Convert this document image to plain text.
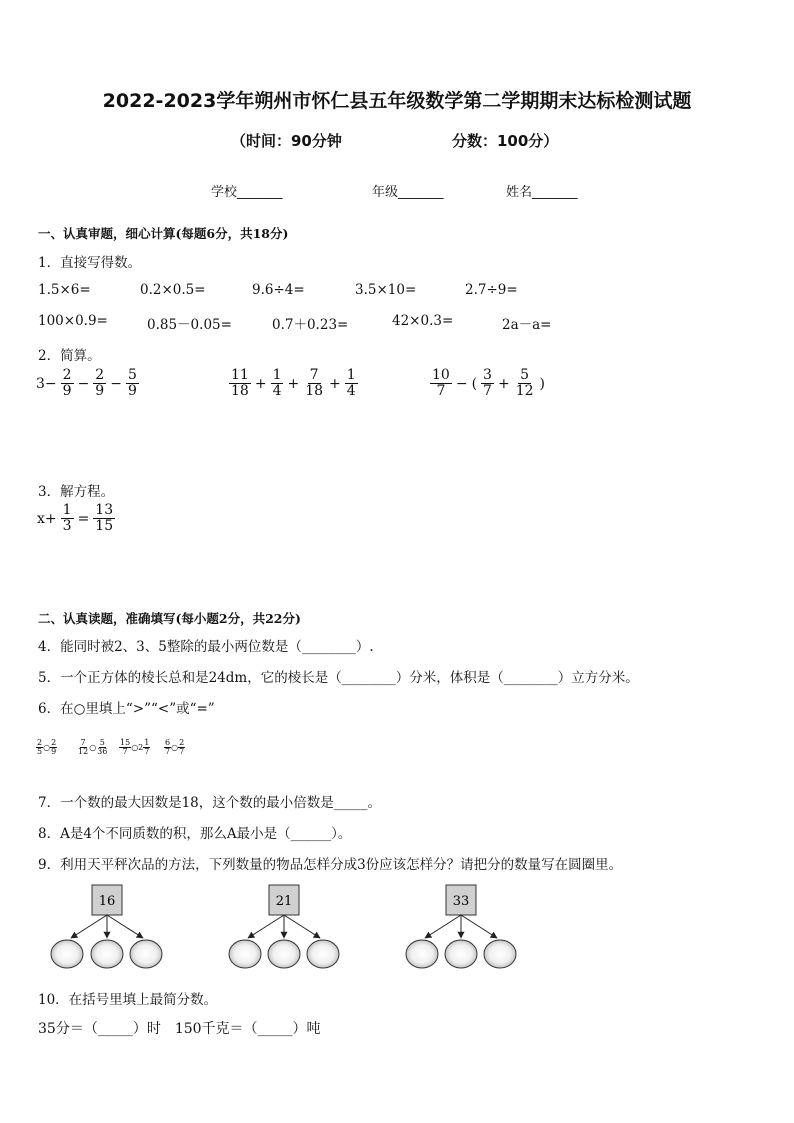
2022-2023学年朔州市怀仁县五年级数学第二学期期末达标检测试题
（时间：90分钟	分数：100分）
学校_______	年级_______	姓名_______
一、认真审题，细心计算(每题6分，共18分)
1．直接写得数。
1.5×6=	0.2×0.5=	9.6÷4=	3.5×10=	2.7÷9=
100×0.9=	0.85－0.05=	0.7＋0.23=	42×0.3=	2a－a=
2．简算。
$3- \frac{2}{9} - \frac{2}{9} - \frac{5}{9}$	$\frac{11}{18} + \frac{1}{4} + \frac{7}{18} + \frac{1}{4}$	$\frac{10}{7}$ − ( $\frac{3}{7} + \frac{5}{12}$ )
3．解方程。
$x+ \frac{1}{3} = \frac{13}{15}$
二、认真读题，准确填写(每小题2分，共22分)
4．能同时被2、3、5整除的最小两位数是（________）.
5．一个正方体的棱长总和是24dm，它的棱长是（________）分米，体积是（________）立方分米。
6．在○里填上“>”“<”或“=”
$\frac{2}{5}$ ○ $\frac{2}{9} \frac{7}{12}$ ○ $\frac{5}{36} \frac{15}{7}$ ○2 $\frac{1}{7} \frac{6}{7}$ ○ $\frac{2}{7}$
7．一个数的最大因数是18，这个数的最小倍数是_____。
8．A是4个不同质数的积，那么A最小是（______）。
9．利用天平秤次品的方法，下列数量的物品怎样分成3份应该怎样分？请把分的数量写在圆圈里。
16	21	33
10．在括号里填上最简分数。
35分＝（_____）时　150千克＝（_____）吨
